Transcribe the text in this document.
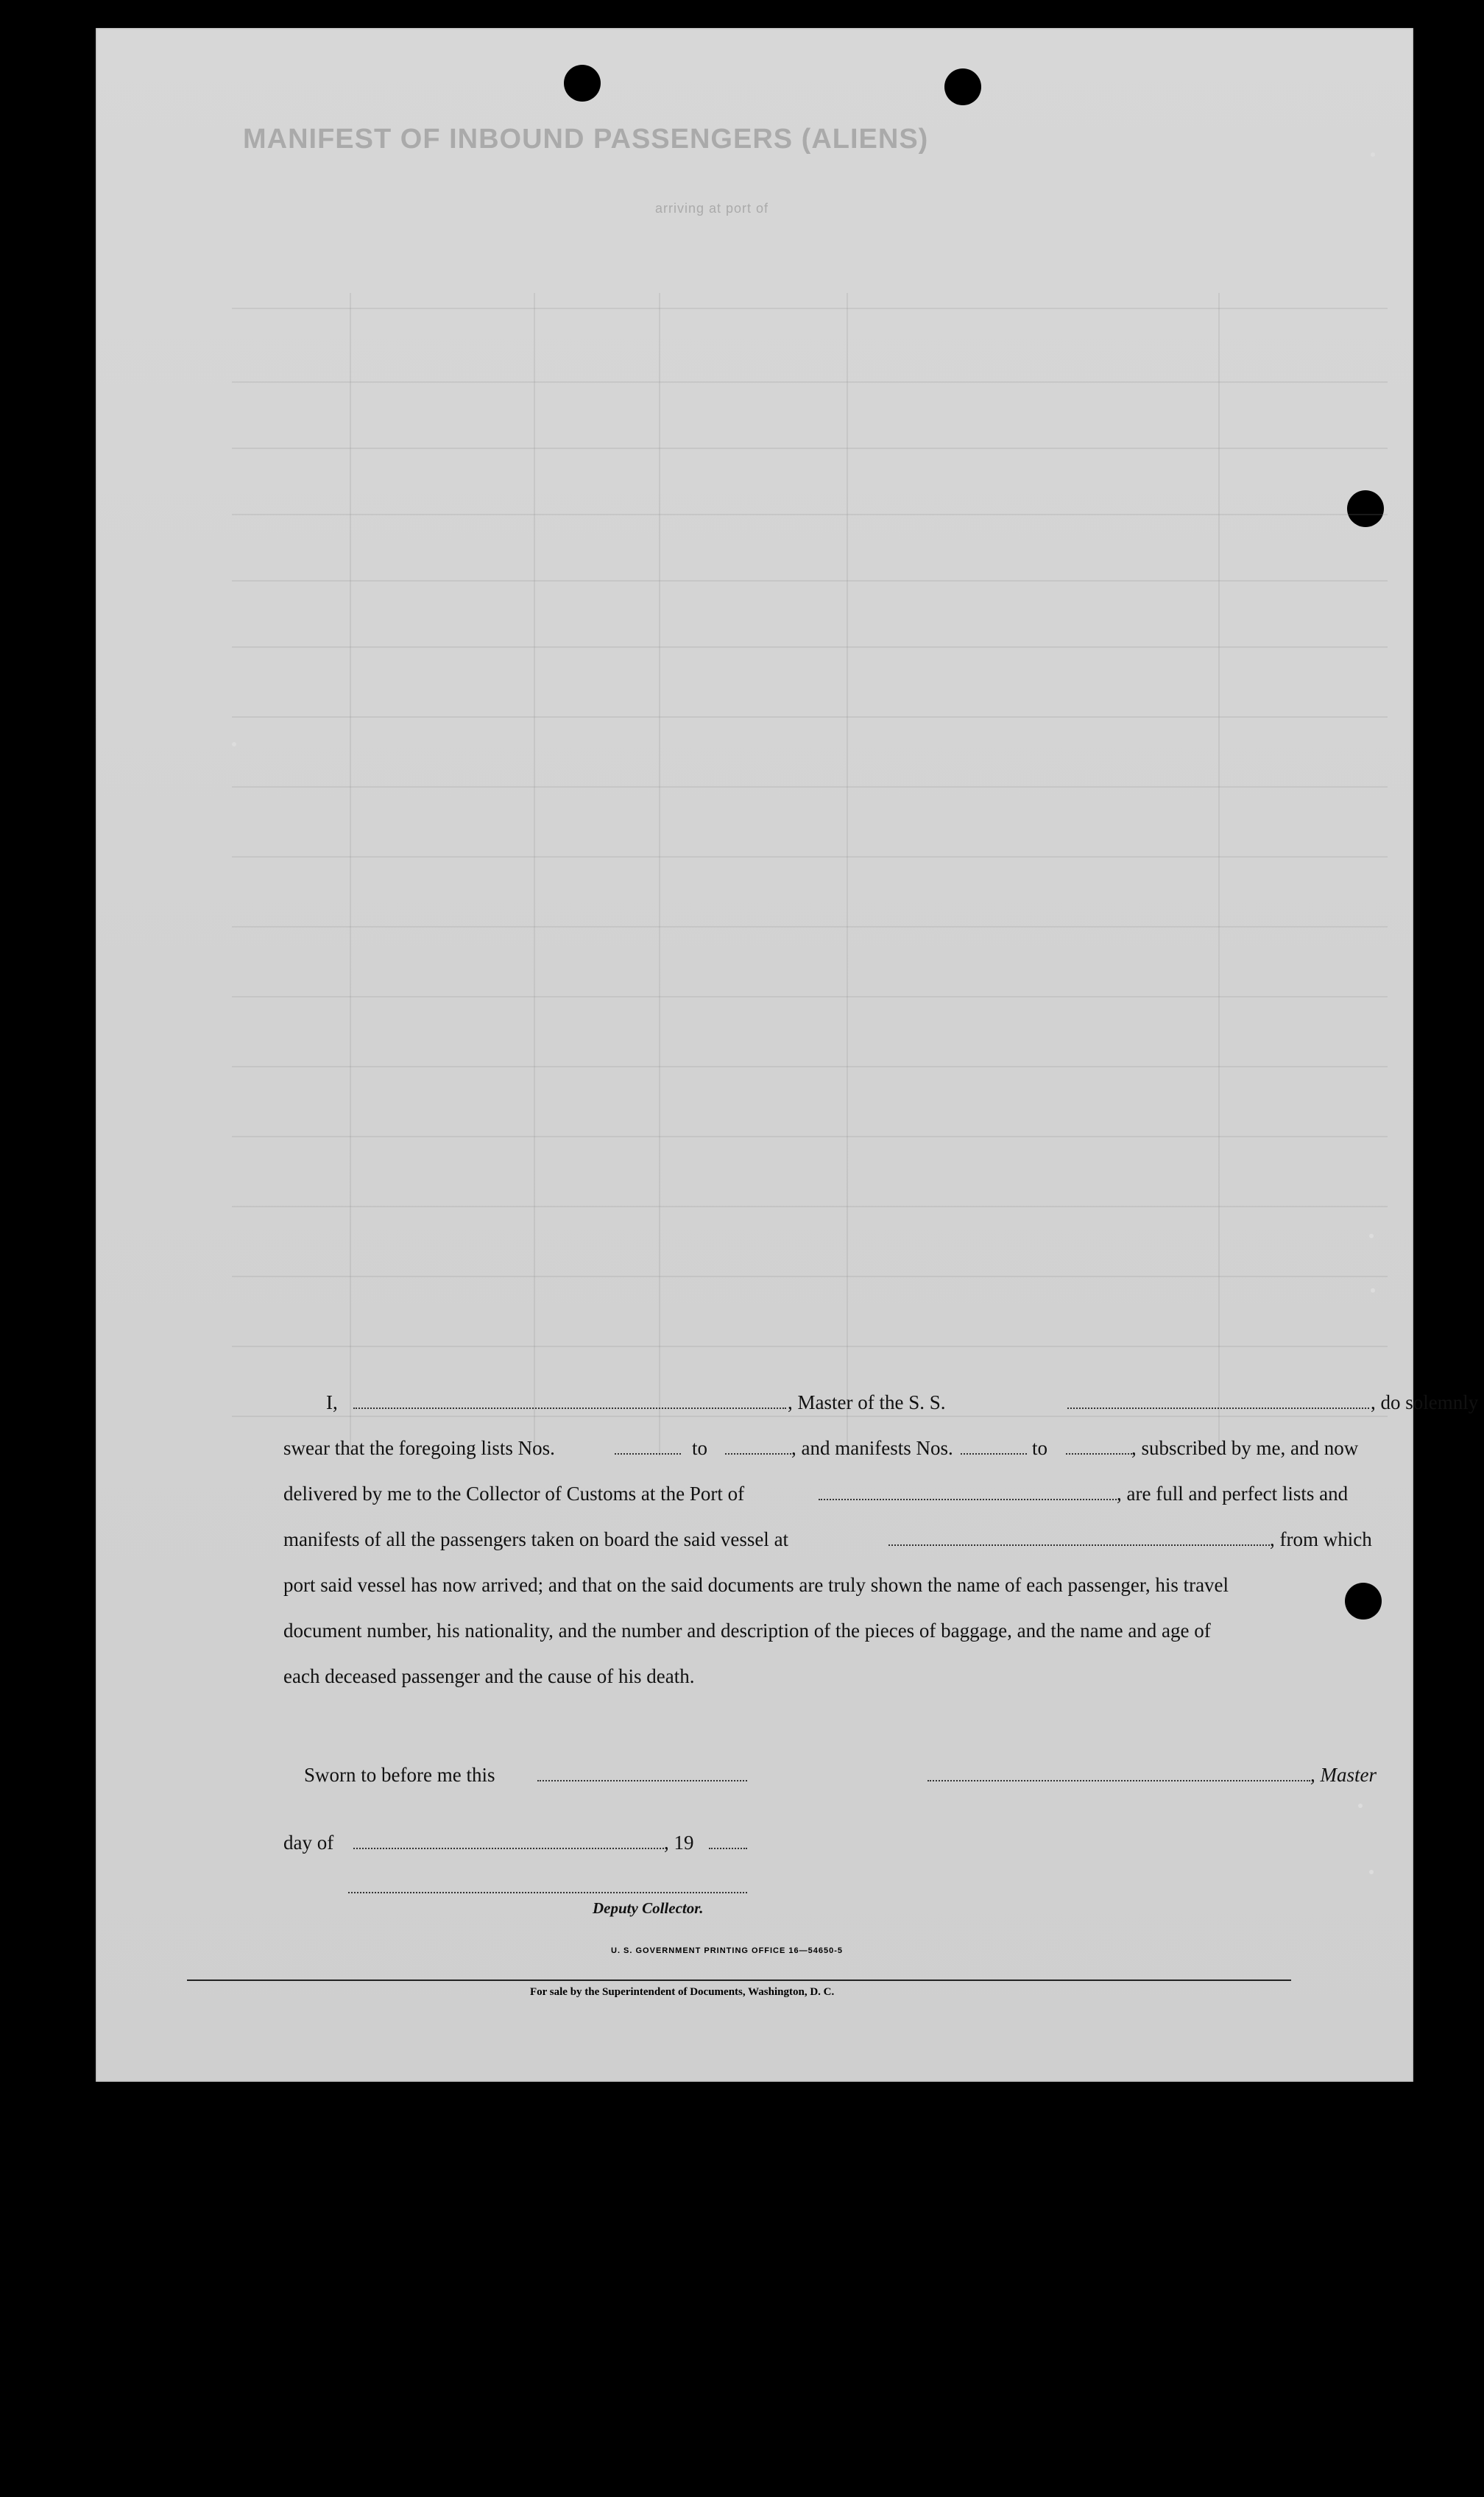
MANIFEST OF INBOUND PASSENGERS (ALIENS)
arriving at port of
I,	, Master of the S. S.	, do solemnly
swear that the foregoing lists Nos.	to	, and manifests Nos.	to	, subscribed by me, and now
delivered by me to the Collector of Customs at the Port of	, are full and perfect lists and
manifests of all the passengers taken on board the said vessel at	, from which
port said vessel has now arrived; and that on the said documents are truly shown the name of each passenger, his travel
document number, his nationality, and the number and description of the pieces of baggage, and the name and age of
each deceased passenger and the cause of his death.
Sworn to before me this	, Master
day of	, 19
Deputy Collector.
U. S. GOVERNMENT PRINTING OFFICE 16—54650-5
For sale by the Superintendent of Documents, Washington, D. C.
